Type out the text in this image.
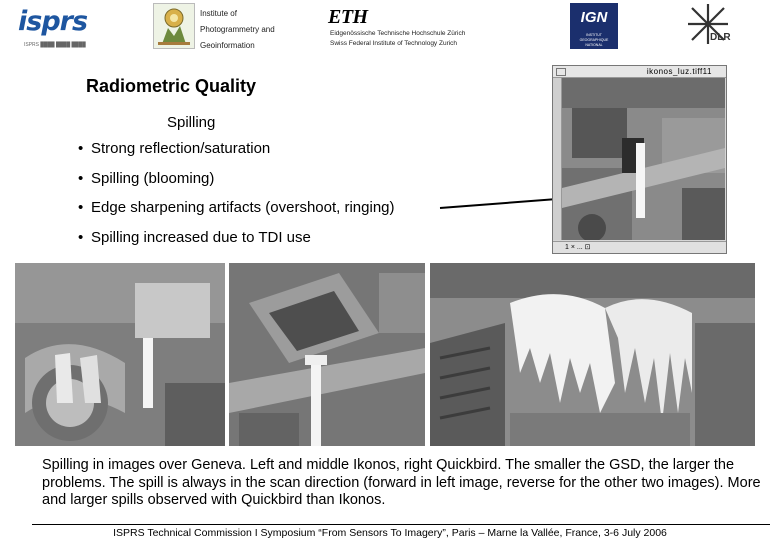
isprs
ISPRS ████ ████ ████
Institute of
Photogrammetry and
Geoinformation
ETH
Eidgenössische Technische Hochschule Zürich
Swiss Federal Institute of Technology Zurich
IGN
INSTITUT
GEOGRAPHIQUE
NATIONAL
DLR
Radiometric Quality
Spilling
• Strong reflection/saturation
• Spilling (blooming)
• Edge sharpening artifacts (overshoot, ringing)
• Spilling increased due to TDI use
ikonos_luz.tiff11
1 × ... ⊡
Spilling in images over Geneva. Left and middle Ikonos, right Quickbird. The smaller the GSD, the larger the problems. The spill is always in the scan direction (forward in left image, reverse for the other two images). More and larger spills observed with Quickbird than Ikonos.
ISPRS Technical Commission I Symposium “From Sensors To Imagery”, Paris – Marne la Vallée, France, 3-6 July 2006
